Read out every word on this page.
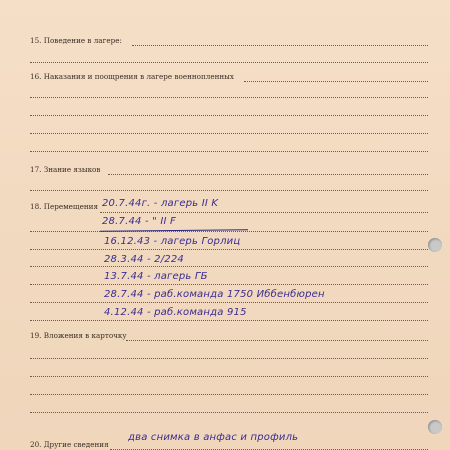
15. Поведение в лагере:
16. Наказания и поощрения в лагере военнопленных
17. Знание языков
18. Перемещения 20.7.44г. - лагерь II K
28.7.44 - " II F
16.12.43 - лагерь Горлиц
28.3.44 - 2/224
13.7.44 - лагерь ГБ
28.7.44 - раб.команда 1750 Иббенбюрен
4.12.44 - раб.команда 915
19. Вложения в карточку
20. Другие сведения
два снимка в анфас и профиль
